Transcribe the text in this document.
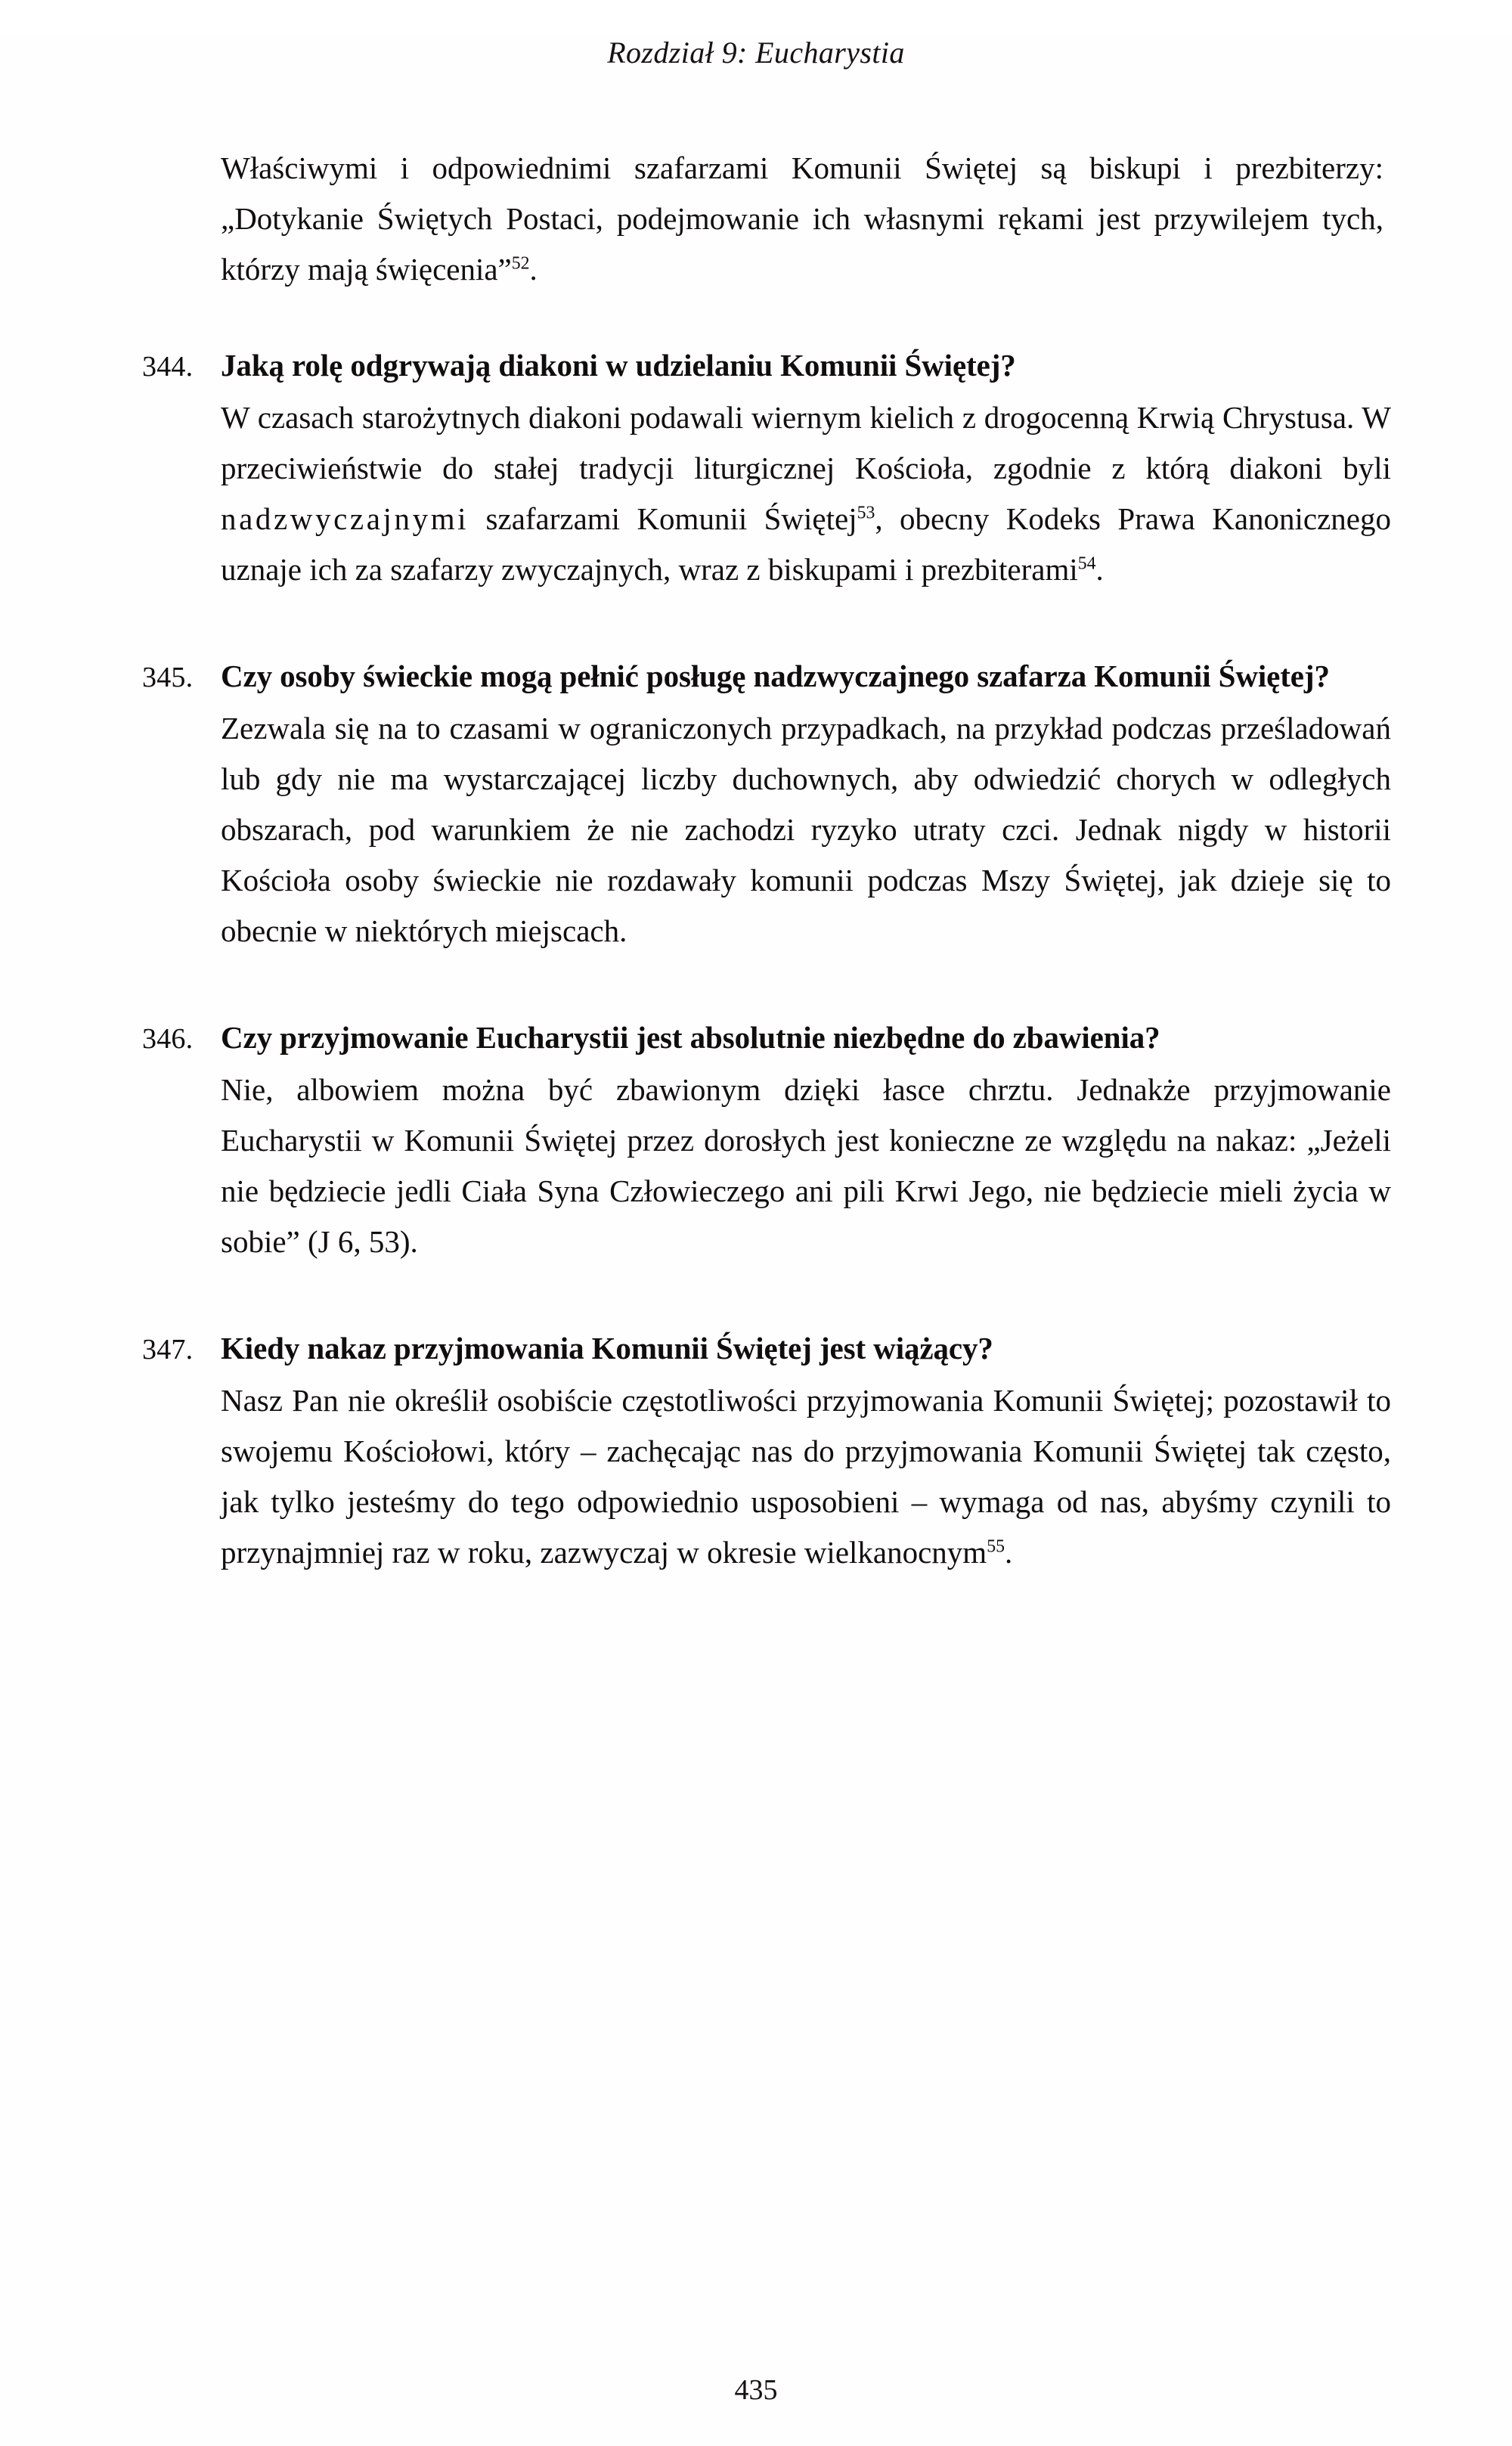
Rozdział 9: Eucharystia

Właściwymi i odpowiednimi szafarzami Komunii Świętej są biskupi i prezbiterzy: „Dotykanie Świętych Postaci, podejmowanie ich własnymi rękami jest przywilejem tych, którzy mają święcenia”$^{52}$.

344. Jaką rolę odgrywają diakoni w udzielaniu Komunii Świętej?

W czasach starożytnych diakoni podawali wiernym kielich z drogocenną Krwią Chrystusa. W przeciwieństwie do stałej tradycji liturgicznej Kościoła, zgodnie z którą diakoni byli nadzwyczajnymi szafarzami Komunii Świętej$^{53}$, obecny Kodeks Prawa Kanonicznego uznaje ich za szafarzy zwyczajnych, wraz z biskupami i prezbiterami$^{54}$.

345. Czy osoby świeckie mogą pełnić posługę nadzwyczajnego szafarza Komunii Świętej?

Zezwala się na to czasami w ograniczonych przypadkach, na przykład podczas prześladowań lub gdy nie ma wystarczającej liczby duchownych, aby odwiedzić chorych w odległych obszarach, pod warunkiem że nie zachodzi ryzyko utraty czci. Jednak nigdy w historii Kościoła osoby świeckie nie rozdawały komunii podczas Mszy Świętej, jak dzieje się to obecnie w niektórych miejscach.

346. Czy przyjmowanie Eucharystii jest absolutnie niezbędne do zbawienia?

Nie, albowiem można być zbawionym dzięki łasce chrztu. Jednakże przyjmowanie Eucharystii w Komunii Świętej przez dorosłych jest konieczne ze względu na nakaz: „Jeżeli nie będziecie jedli Ciała Syna Człowieczego ani pili Krwi Jego, nie będziecie mieli życia w sobie” (J 6, 53).

347. Kiedy nakaz przyjmowania Komunii Świętej jest wiążący?

Nasz Pan nie określił osobiście częstotliwości przyjmowania Komunii Świętej; pozostawił to swojemu Kościołowi, który – zachęcając nas do przyjmowania Komunii Świętej tak często, jak tylko jesteśmy do tego odpowiednio usposobieni – wymaga od nas, abyśmy czynili to przynajmniej raz w roku, zazwyczaj w okresie wielkanocnym$^{55}$.

435
